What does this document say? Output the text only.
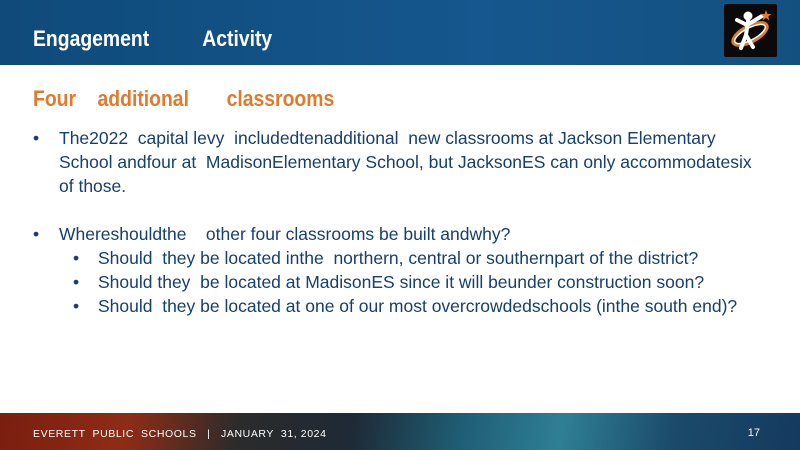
Engagement          Activity
Four    additional       classrooms
• The2022  capital levy  includedtenadditional  new classrooms at Jackson Elementary School andfour at  MadisonElementary School, but JacksonES can only accommodatesix of those.
• Whereshouldthe    other four classrooms be built andwhy?
• Should  they be located inthe  northern, central or southernpart of the district?
• Should they  be located at MadisonES since it will beunder construction soon?
• Should  they be located at one of our most overcrowdedschools (inthe south end)?
EVERETT  PUBLIC  SCHOOLS   |   JANUARY  31, 2024	17
